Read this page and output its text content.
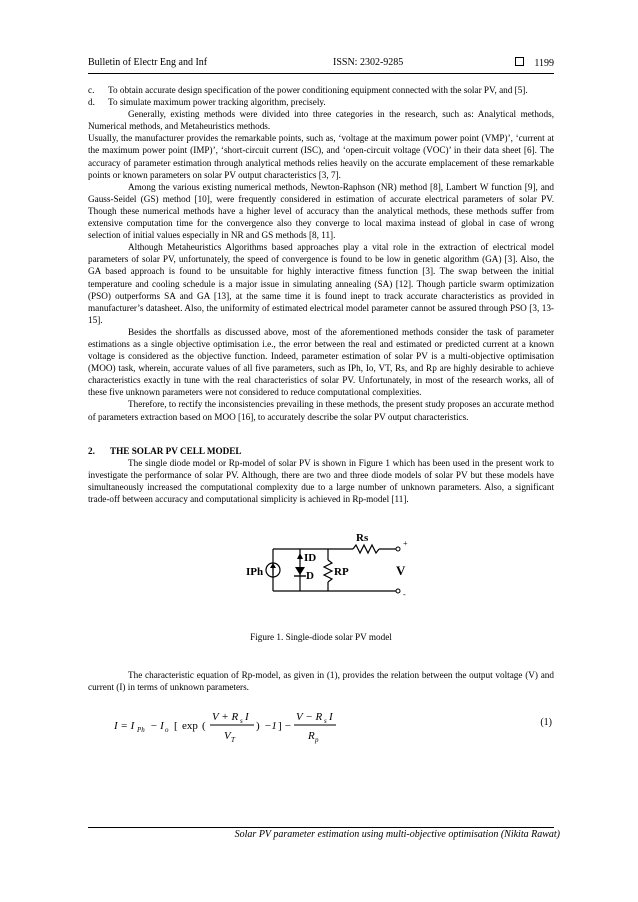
Bulletin of Electr Eng and Inf	ISSN: 2302-9285	1199

c. To obtain accurate design specification of the power conditioning equipment connected with the solar PV, and [5].

d. To simulate maximum power tracking algorithm, precisely.

Generally, existing methods were divided into three categories in the research, such as: Analytical methods, Numerical methods, and Metaheuristics methods.

Usually, the manufacturer provides the remarkable points, such as, ‘voltage at the maximum power point (VMP)’, ‘current at the maximum power point (IMP)’, ‘short-circuit current (ISC), and ‘open-circuit voltage (VOC)’ in their data sheet [6]. The accuracy of parameter estimation through analytical methods relies heavily on the accurate emplacement of these remarkable points or known parameters on solar PV output characteristics [3, 7].

Among the various existing numerical methods, Newton-Raphson (NR) method [8], Lambert W function [9], and Gauss-Seidel (GS) method [10], were frequently considered in estimation of accurate electrical parameters of solar PV. Though these numerical methods have a higher level of accuracy than the analytical methods, these methods suffer from extensive computation time for the convergence also they converge to local maxima instead of global in case of wrong selection of initial values especially in NR and GS methods [8, 11].

Although Metaheuristics Algorithms based approaches play a vital role in the extraction of electrical model parameters of solar PV, unfortunately, the speed of convergence is found to be low in genetic algorithm (GA) [3]. Also, the GA based approach is found to be unsuitable for highly interactive fitness function [3]. The swap between the initial temperature and cooling schedule is a major issue in simulating annealing (SA) [12]. Though particle swarm optimization (PSO) outperforms SA and GA [13], at the same time it is found inept to track accurate characteristics as provided in manufacturer’s datasheet. Also, the uniformity of estimated electrical model parameter cannot be assured through PSO [3, 13-15].

Besides the shortfalls as discussed above, most of the aforementioned methods consider the task of parameter estimations as a single objective optimisation i.e., the error between the real and estimated or predicted current at a known voltage is considered as the objective function. Indeed, parameter estimation of solar PV is a multi-objective optimisation (MOO) task, wherein, accurate values of all five parameters, such as IPh, Io, VT, Rs, and Rp are highly desirable to achieve characteristics exactly in tune with the real characteristics of solar PV. Unfortunately, in most of the research works, all of these five unknown parameters were not considered to reduce computational complexities.

Therefore, to rectify the inconsistencies prevailing in these methods, the present study proposes an accurate method of parameters extraction based on MOO [16], to accurately describe the solar PV output characteristics.

2. THE SOLAR PV CELL MODEL

The single diode model or Rp-model of solar PV is shown in Figure 1 which has been used in the present work to investigate the performance of solar PV. Although, there are two and three diode models of solar PV but these models have simultaneously increased the computational complexity due to a large number of unknown parameters. Also, a significant trade-off between accuracy and computational simplicity is achieved in Rp-model [11].

IPh
ID
D RP
Rs
V
+
-

Figure 1. Single-diode solar PV model

The characteristic equation of Rp-model, as given in (1), provides the relation between the output voltage (V) and current (I) in terms of unknown parameters.

I = I Ph − I o [ exp (
V + R s I
V T
) −1 ] −
V − R s I
R p
(1)
Solar PV parameter estimation using multi-objective optimisation (Nikita Rawat)
